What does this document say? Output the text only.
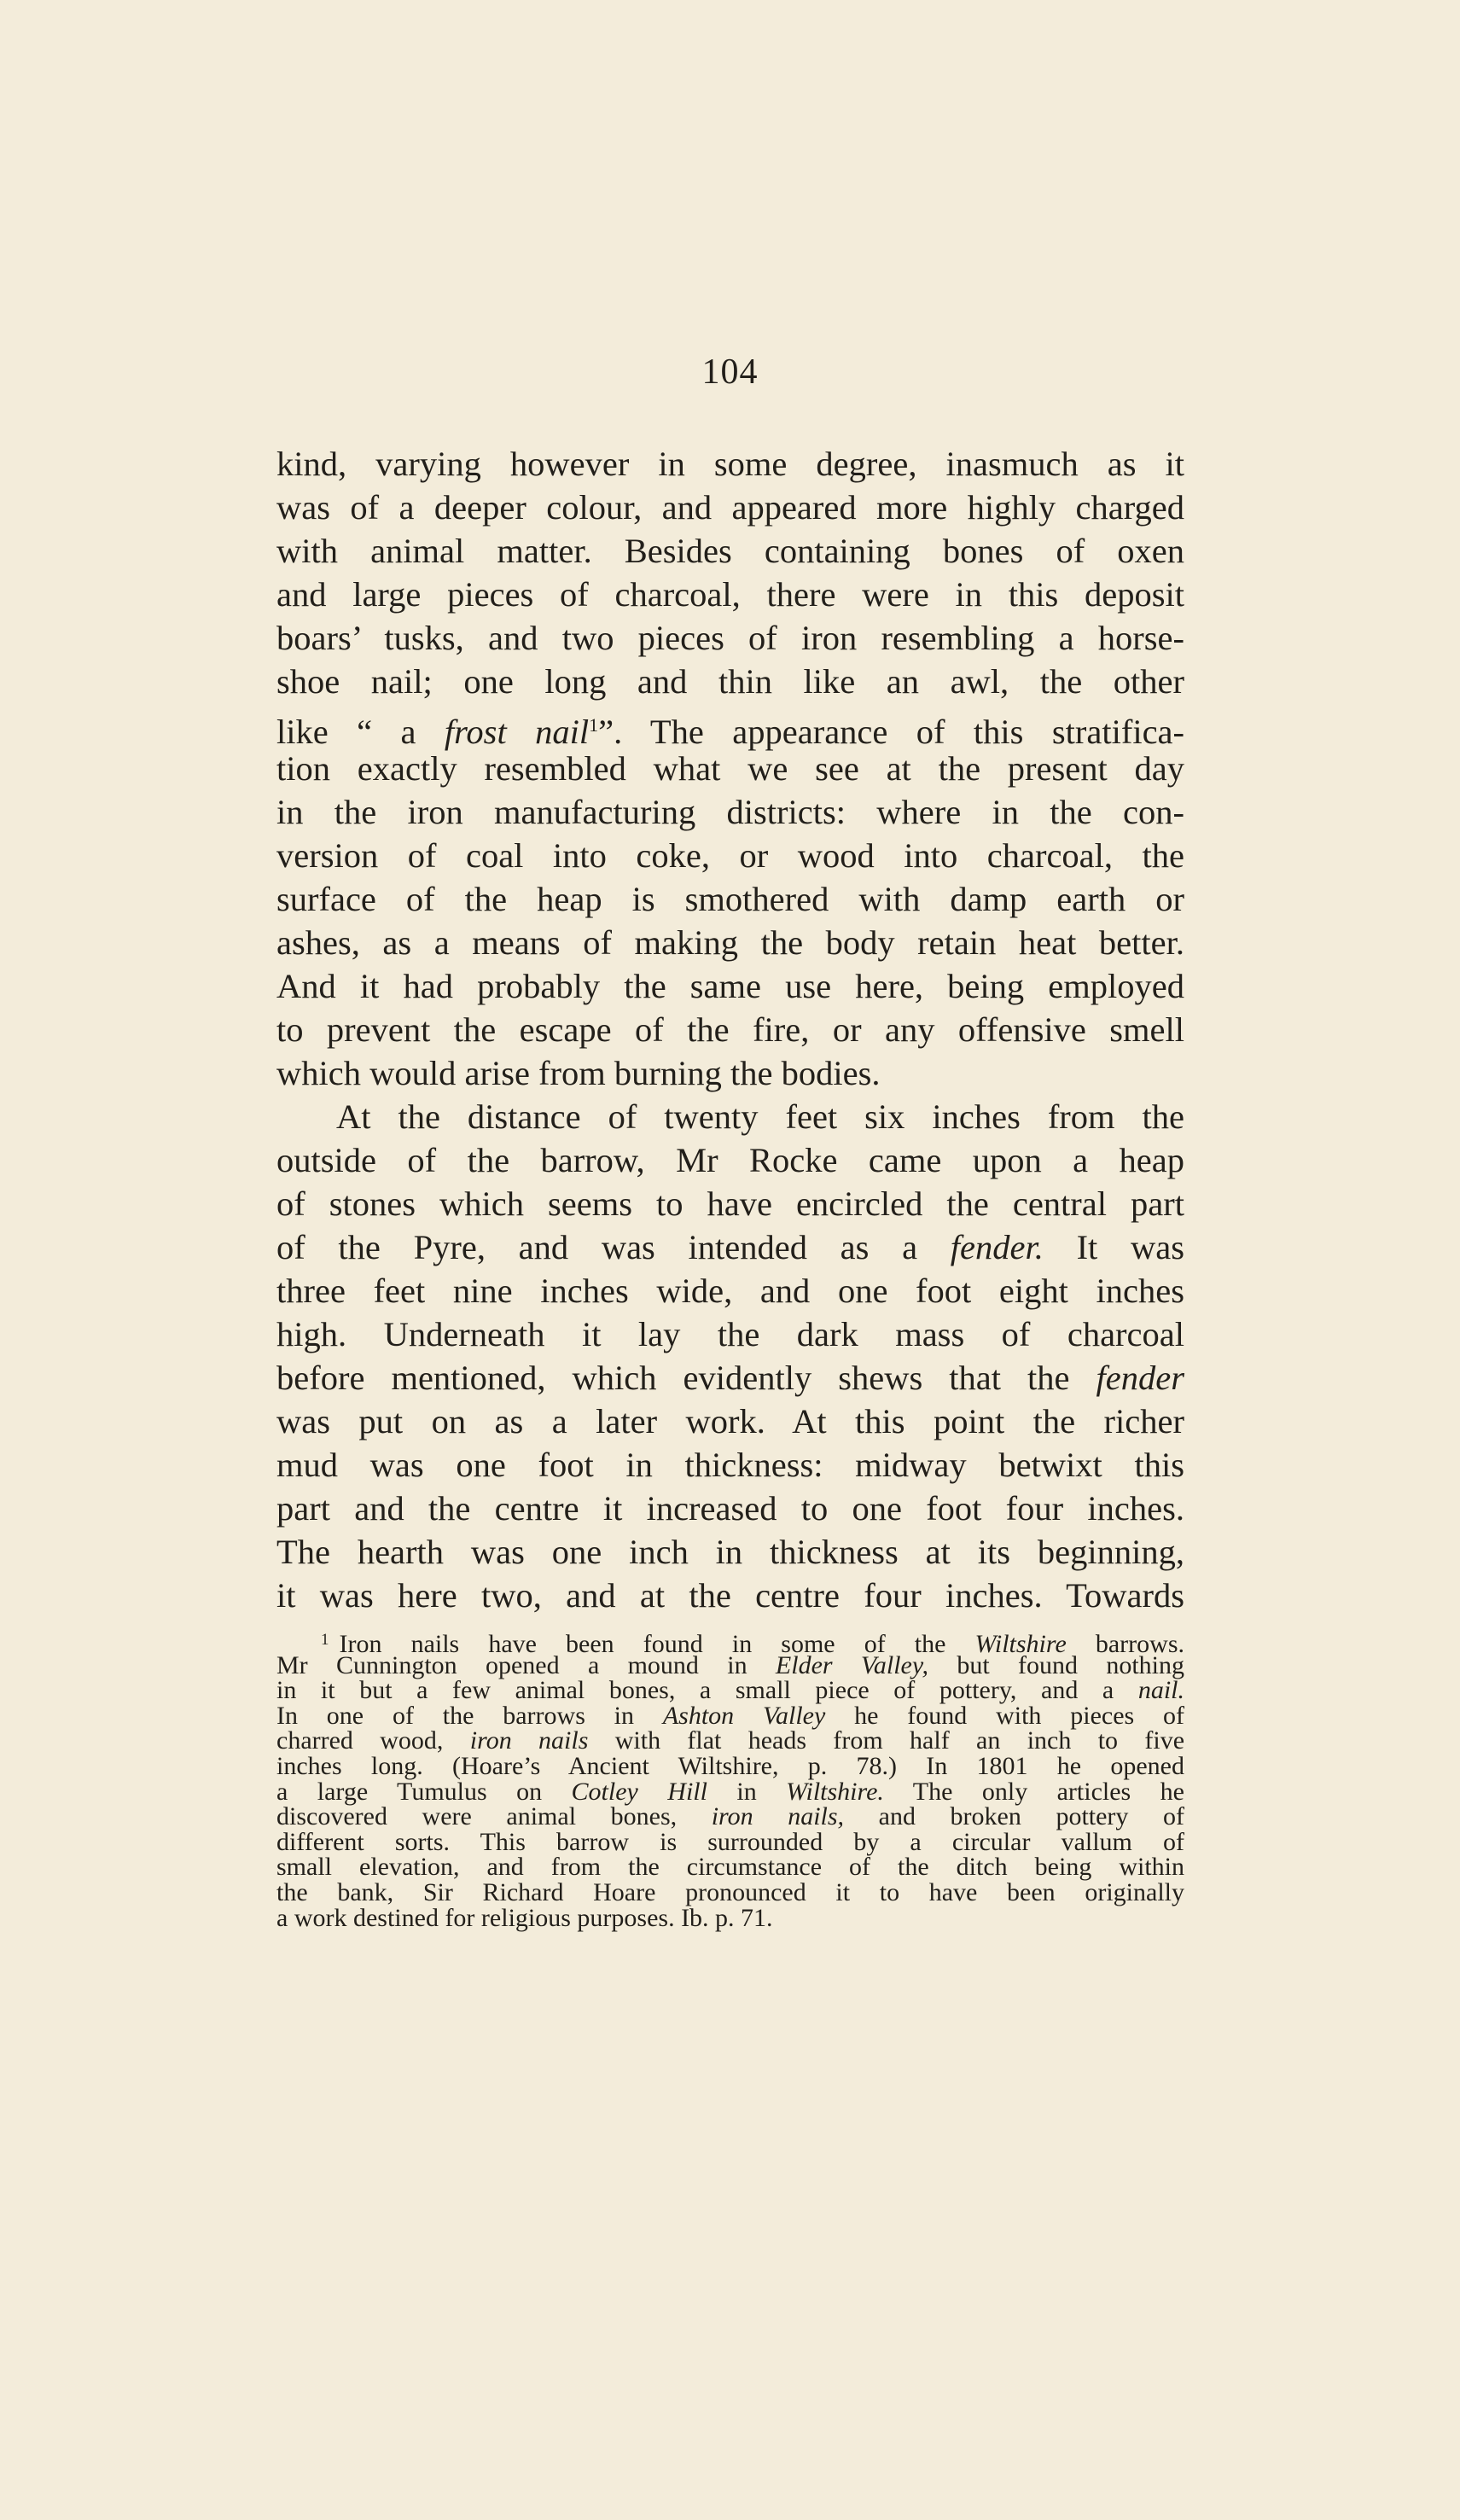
104
kind, varying however in some degree, inasmuch as it
was of a deeper colour, and appeared more highly charged
with animal matter. Besides containing bones of oxen
and large pieces of charcoal, there were in this deposit
boars’ tusks, and two pieces of iron resembling a horse-
shoe nail; one long and thin like an awl, the other
like “ a frost nail$^1$”. The appearance of this stratifica-
tion exactly resembled what we see at the present day
in the iron manufacturing districts: where in the con-
version of coal into coke, or wood into charcoal, the
surface of the heap is smothered with damp earth or
ashes, as a means of making the body retain heat better.
And it had probably the same use here, being employed
to prevent the escape of the fire, or any offensive smell
which would arise from burning the bodies.
At the distance of twenty feet six inches from the
outside of the barrow, Mr Rocke came upon a heap
of stones which seems to have encircled the central part
of the Pyre, and was intended as a fender. It was
three feet nine inches wide, and one foot eight inches
high. Underneath it lay the dark mass of charcoal
before mentioned, which evidently shews that the fender
was put on as a later work. At this point the richer
mud was one foot in thickness: midway betwixt this
part and the centre it increased to one foot four inches.
The hearth was one inch in thickness at its beginning,
it was here two, and at the centre four inches. Towards
$^1$ Iron nails have been found in some of the Wiltshire barrows.
Mr Cunnington opened a mound in Elder Valley, but found nothing
in it but a few animal bones, a small piece of pottery, and a nail.
In one of the barrows in Ashton Valley he found with pieces of
charred wood, iron nails with flat heads from half an inch to five
inches long. (Hoare’s Ancient Wiltshire, p. 78.) In 1801 he opened
a large Tumulus on Cotley Hill in Wiltshire. The only articles he
discovered were animal bones, iron nails, and broken pottery of
different sorts. This barrow is surrounded by a circular vallum of
small elevation, and from the circumstance of the ditch being within
the bank, Sir Richard Hoare pronounced it to have been originally
a work destined for religious purposes. Ib. p. 71.
